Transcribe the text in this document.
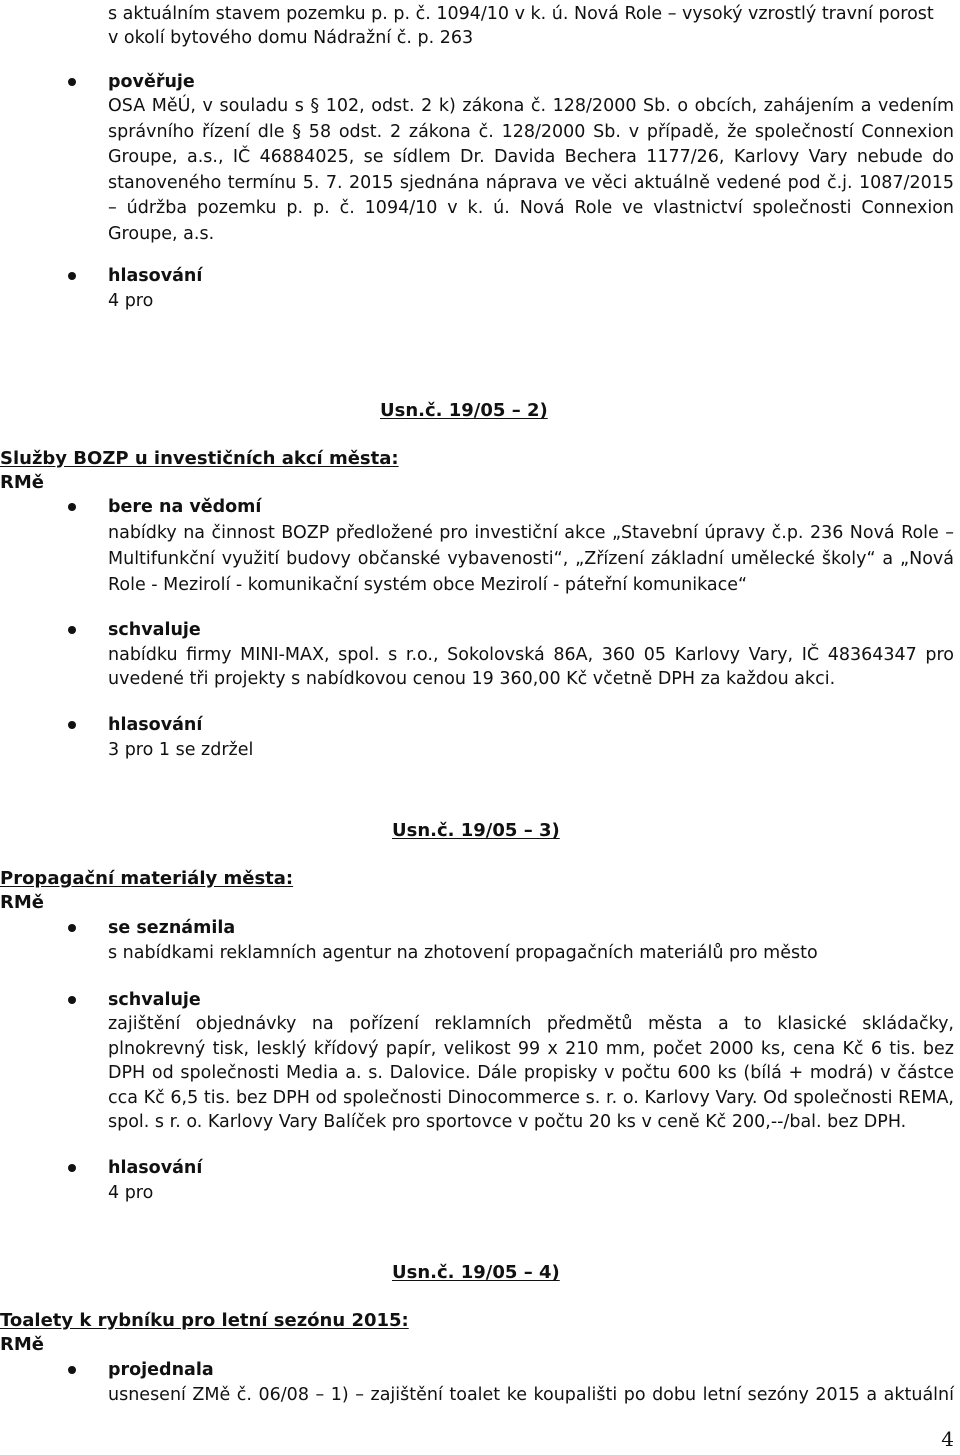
s aktuálním stavem pozemku p. p. č. 1094/10 v k. ú. Nová Role – vysoký vzrostlý travní porost
v okolí bytového domu Nádražní č. p. 263
pověřuje
OSA MěÚ, v souladu s § 102, odst. 2 k) zákona č. 128/2000 Sb. o obcích, zahájením a vedením správního řízení dle § 58 odst. 2 zákona č. 128/2000 Sb. v případě, že společností Connexion Groupe, a.s., IČ 46884025, se sídlem Dr. Davida Bechera 1177/26, Karlovy Vary nebude do stanoveného termínu 5. 7. 2015 sjednána náprava ve věci aktuálně vedené pod č.j. 1087/2015 – údržba pozemku p. p. č. 1094/10 v k. ú. Nová Role ve vlastnictví společnosti Connexion Groupe, a.s.
hlasování
4 pro
Usn.č. 19/05 – 2)
Služby BOZP u investičních akcí města:
RMě
bere na vědomí
nabídky na činnost BOZP předložené pro investiční akce „Stavební úpravy č.p. 236 Nová Role – Multifunkční využití budovy občanské vybavenosti“, „Zřízení základní umělecké školy“ a „Nová Role - Mezirolí - komunikační systém obce Mezirolí - páteřní komunikace“
schvaluje
nabídku firmy MINI-MAX, spol. s r.o., Sokolovská 86A, 360 05 Karlovy Vary, IČ 48364347 pro uvedené tři projekty s nabídkovou cenou 19 360,00 Kč včetně DPH za každou akci.
hlasování
3 pro 1 se zdržel
Usn.č. 19/05 – 3)
Propagační materiály města:
RMě
se seznámila
s nabídkami reklamních agentur na zhotovení propagačních materiálů pro město
schvaluje
zajištění objednávky na pořízení reklamních předmětů města a to klasické skládačky, plnokrevný tisk, lesklý křídový papír, velikost 99 x 210 mm, počet 2000 ks, cena Kč 6 tis. bez DPH od společnosti Media a. s. Dalovice. Dále propisky v počtu 600 ks (bílá + modrá) v částce cca Kč 6,5 tis. bez DPH od společnosti Dinocommerce s. r. o. Karlovy Vary. Od společnosti REMA, spol. s r. o. Karlovy Vary Balíček pro sportovce v počtu 20 ks v ceně Kč 200,--/bal. bez DPH.
hlasování
4 pro
Usn.č. 19/05 – 4)
Toalety k rybníku pro letní sezónu 2015:
RMě
projednala
usnesení ZMě č. 06/08 – 1) – zajištění toalet ke koupališti po dobu letní sezóny 2015 a aktuální
4
